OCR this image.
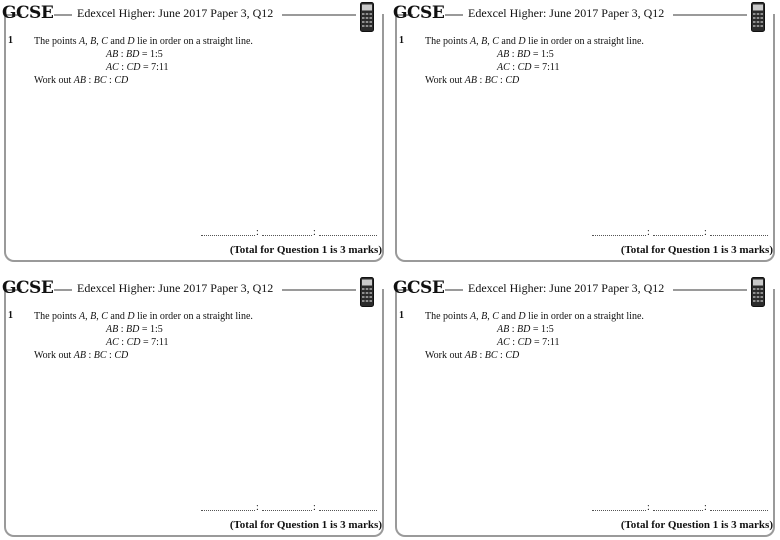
GCSE Edexcel Higher: June 2017 Paper 3, Q12
1 The points A, B, C and D lie in order on a straight line.
AB : BD = 1:5
AC : CD = 7:11
Work out AB : BC : CD
:	:
(Total for Question 1 is 3 marks)
GCSE Edexcel Higher: June 2017 Paper 3, Q12
1 The points A, B, C and D lie in order on a straight line.
AB : BD = 1:5
AC : CD = 7:11
Work out AB : BC : CD
:	:
(Total for Question 1 is 3 marks)
GCSE Edexcel Higher: June 2017 Paper 3, Q12
1 The points A, B, C and D lie in order on a straight line.
AB : BD = 1:5
AC : CD = 7:11
Work out AB : BC : CD
:	:
(Total for Question 1 is 3 marks)
GCSE Edexcel Higher: June 2017 Paper 3, Q12
1 The points A, B, C and D lie in order on a straight line.
AB : BD = 1:5
AC : CD = 7:11
Work out AB : BC : CD
:	:
(Total for Question 1 is 3 marks)
